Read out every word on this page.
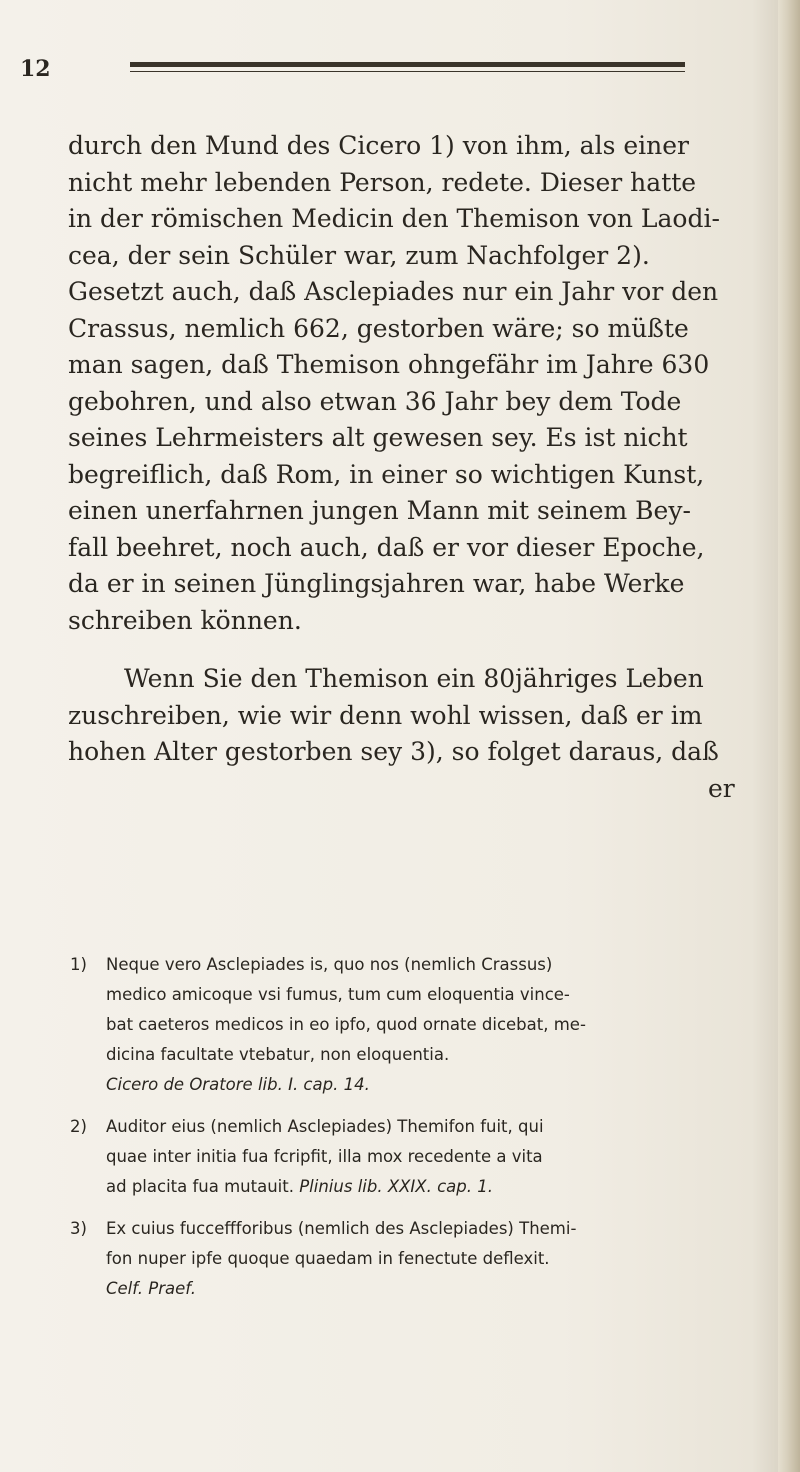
12
durch den Mund des Cicero 1) von ihm, als einer
nicht mehr lebenden Person, redete. Dieser hatte
in der römischen Medicin den Themison von Laodi-
cea, der sein Schüler war, zum Nachfolger 2).
Gesetzt auch, daß Asclepiades nur ein Jahr vor den
Crassus, nemlich 662, gestorben wäre; so müßte
man sagen, daß Themison ohngefähr im Jahre 630
gebohren, und also etwan 36 Jahr bey dem Tode
seines Lehrmeisters alt gewesen sey. Es ist nicht
begreiflich, daß Rom, in einer so wichtigen Kunst,
einen unerfahrnen jungen Mann mit seinem Bey-
fall beehret, noch auch, daß er vor dieser Epoche,
da er in seinen Jünglingsjahren war, habe Werke
schreiben können.
Wenn Sie den Themison ein 80jähriges Leben
zuschreiben, wie wir denn wohl wissen, daß er im
hohen Alter gestorben sey 3), so folget daraus, daß
er
1) Neque vero Asclepiades is, quo nos (nemlich Crassus)
medico amicoque vsi fumus, tum cum eloquentia vince-
bat caeteros medicos in eo ipfo, quod ornate dicebat, me-
dicina facultate vtebatur, non eloquentia.
Cicero de Oratore lib. I. cap. 14.
2) Auditor eius (nemlich Asclepiades) Themifon fuit, qui
quae inter initia fua fcripfit, illa mox recedente a vita
ad placita fua mutauit. Plinius lib. XXIX. cap. 1.
3) Ex cuius fucceffforibus (nemlich des Asclepiades) Themi-
fon nuper ipfe quoque quaedam in fenectute deflexit.
Celf. Praef.
